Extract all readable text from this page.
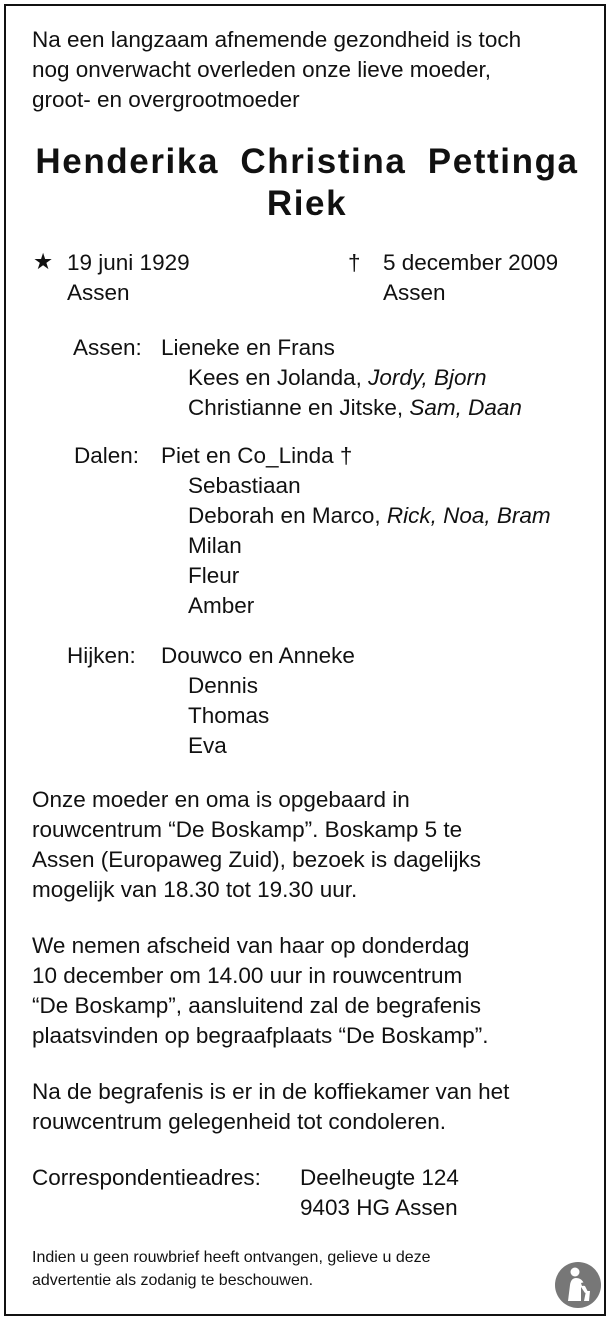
Na een langzaam afnemende gezondheid is toch
nog onverwacht overleden onze lieve moeder,
groot- en overgrootmoeder
Henderika Christina Pettinga
Riek
★ 19 juni 1929
Assen
† 5 december 2009
Assen
Assen: Lieneke en Frans
Kees en Jolanda, Jordy, Bjorn
Christianne en Jitske, Sam, Daan
Dalen: Piet en Co_Linda †
Sebastiaan
Deborah en Marco, Rick, Noa, Bram
Milan
Fleur
Amber
Hijken: Douwco en Anneke
Dennis
Thomas
Eva
Onze moeder en oma is opgebaard in
rouwcentrum “De Boskamp”. Boskamp 5 te
Assen (Europaweg Zuid), bezoek is dagelijks
mogelijk van 18.30 tot 19.30 uur.
We nemen afscheid van haar op donderdag
10 december om 14.00 uur in rouwcentrum
“De Boskamp”, aansluitend zal de begrafenis
plaatsvinden op begraafplaats “De Boskamp”.
Na de begrafenis is er in de koffiekamer van het
rouwcentrum gelegenheid tot condoleren.
Correspondentieadres: Deelheugte 124
9403 HG Assen
Indien u geen rouwbrief heeft ontvangen, gelieve u deze
advertentie als zodanig te beschouwen.
